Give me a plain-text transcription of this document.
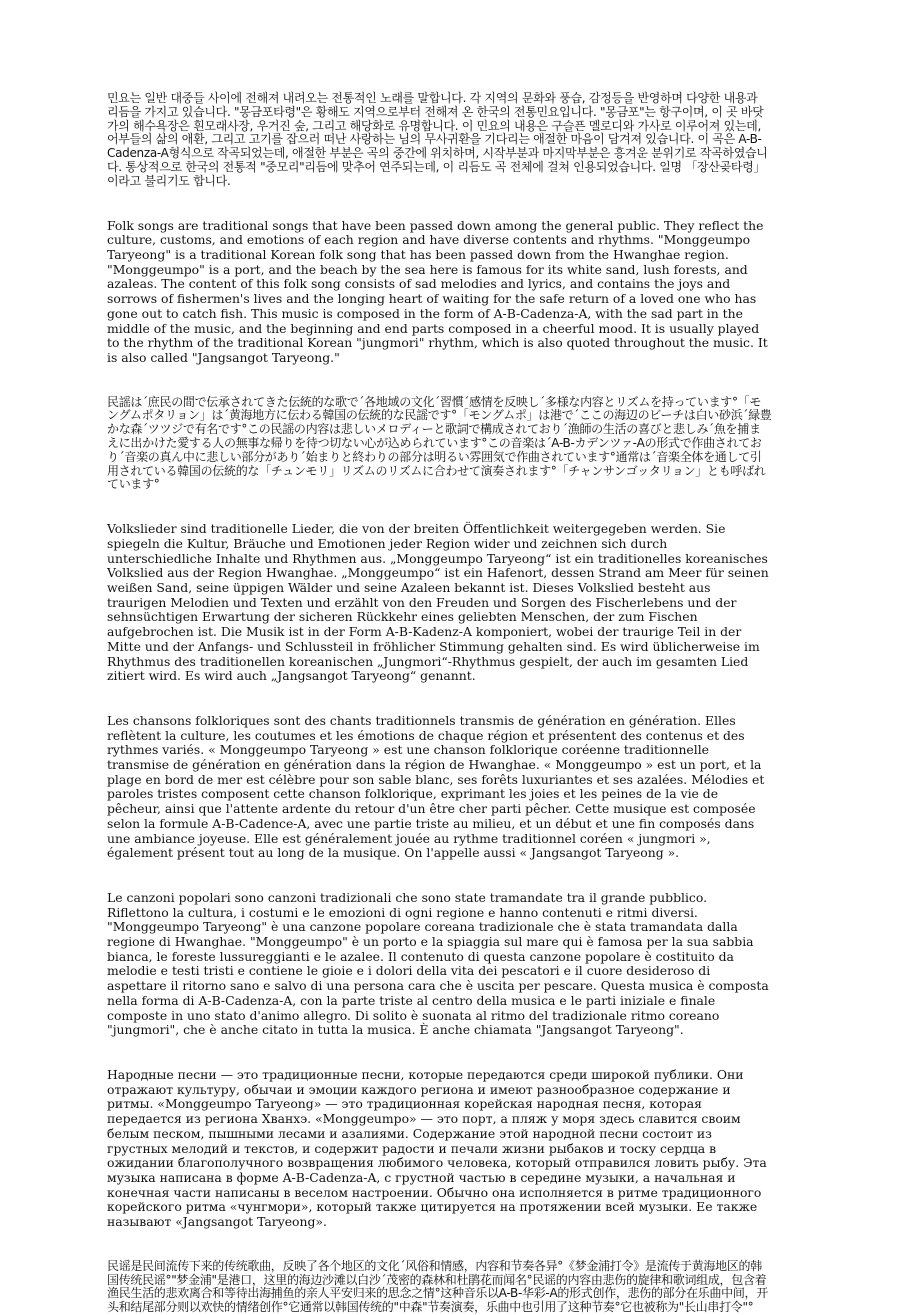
민요는 일반 대중들 사이에 전해져 내려오는 전통적인 노래를 말합니다. 각 지역의 문화와 풍습, 감정등을 반영하며 다양한 내용과 리듬을 가지고 있습니다. "몽금포타령"은 황해도 지역으로부터 전해져 온 한국의 전통민요입니다. "몽금포"는 항구이며, 이 곳 바닷가의 해수욕장은 흰모래사장, 우거진 숲, 그리고 해당화로 유명합니다. 이 민요의 내용은 구슬픈 멜로디와 가사로 이루어져 있는데, 어부들의 삶의 애환, 그리고 고기를 잡으러 떠난 사랑하는 님의 무사귀환을 기다리는 애절한 마음이 담겨져 있습니다. 이 곡은 A-B-Cadenza-A형식으로 작곡되었는데, 애절한 부분은 곡의 중간에 위치하며, 시작부분과 마지막부분은 흥겨운 분위기로 작곡하였습니다. 통상적으로 한국의 전통적 "중모리"리듬에 맞추어 연주되는데, 이 리듬도 곡 전체에 걸쳐 인용되었습니다. 일명 「장산곶타령」이라고 불리기도 합니다.

Folk songs are traditional songs that have been passed down among the general public. They reflect the culture, customs, and emotions of each region and have diverse contents and rhythms. "Monggeumpo Taryeong" is a traditional Korean folk song that has been passed down from the Hwanghae region. "Monggeumpo" is a port, and the beach by the sea here is famous for its white sand, lush forests, and azaleas. The content of this folk song consists of sad melodies and lyrics, and contains the joys and sorrows of fishermen's lives and the longing heart of waiting for the safe return of a loved one who has gone out to catch fish. This music is composed in the form of A-B-Cadenza-A, with the sad part in the middle of the music, and the beginning and end parts composed in a cheerful mood. It is usually played to the rhythm of the traditional Korean "jungmori" rhythm, which is also quoted throughout the music. It is also called "Jangsangot Taryeong."

民謡は´庶民の間で伝承されてきた伝統的な歌で´各地域の文化´習慣´感情を反映し´多様な内容とリズムを持っています°「モングムポタリョン」は´黄海地方に伝わる韓国の伝統的な民謡です°「モングムポ」は港で´ここの海辺のビーチは白い砂浜´緑豊かな森´ツツジで有名です°この民謡の内容は悲しいメロディーと歌詞で構成されており´漁師の生活の喜びと悲しみ´魚を捕まえに出かけた愛する人の無事な帰りを待つ切ない心が込められています°この音楽は´A-B-カデンツァ-Aの形式で作曲されており´音楽の真ん中に悲しい部分があり´始まりと終わりの部分は明るい雰囲気で作曲されています°通常は´音楽全体を通して引用されている韓国の伝統的な「チュンモリ」リズムのリズムに合わせて演奏されます°「チャンサンゴッタリョン」とも呼ばれています°

Volkslieder sind traditionelle Lieder, die von der breiten Öffentlichkeit weitergegeben werden. Sie spiegeln die Kultur, Bräuche und Emotionen jeder Region wider und zeichnen sich durch unterschiedliche Inhalte und Rhythmen aus. „Monggeumpo Taryeong“ ist ein traditionelles koreanisches Volkslied aus der Region Hwanghae. „Monggeumpo“ ist ein Hafenort, dessen Strand am Meer für seinen weißen Sand, seine üppigen Wälder und seine Azaleen bekannt ist. Dieses Volkslied besteht aus traurigen Melodien und Texten und erzählt von den Freuden und Sorgen des Fischerlebens und der sehnsüchtigen Erwartung der sicheren Rückkehr eines geliebten Menschen, der zum Fischen aufgebrochen ist. Die Musik ist in der Form A-B-Kadenz-A komponiert, wobei der traurige Teil in der Mitte und der Anfangs- und Schlussteil in fröhlicher Stimmung gehalten sind. Es wird üblicherweise im Rhythmus des traditionellen koreanischen „Jungmori“-Rhythmus gespielt, der auch im gesamten Lied zitiert wird. Es wird auch „Jangsangot Taryeong“ genannt.

Les chansons folkloriques sont des chants traditionnels transmis de génération en génération. Elles reflètent la culture, les coutumes et les émotions de chaque région et présentent des contenus et des rythmes variés. « Monggeumpo Taryeong » est une chanson folklorique coréenne traditionnelle transmise de génération en génération dans la région de Hwanghae. « Monggeumpo » est un port, et la plage en bord de mer est célèbre pour son sable blanc, ses forêts luxuriantes et ses azalées. Mélodies et paroles tristes composent cette chanson folklorique, exprimant les joies et les peines de la vie de pêcheur, ainsi que l'attente ardente du retour d'un être cher parti pêcher. Cette musique est composée selon la formule A-B-Cadence-A, avec une partie triste au milieu, et un début et une fin composés dans une ambiance joyeuse. Elle est généralement jouée au rythme traditionnel coréen « jungmori », également présent tout au long de la musique. On l'appelle aussi « Jangsangot Taryeong ».

Le canzoni popolari sono canzoni tradizionali che sono state tramandate tra il grande pubblico. Riflettono la cultura, i costumi e le emozioni di ogni regione e hanno contenuti e ritmi diversi. "Monggeumpo Taryeong" è una canzone popolare coreana tradizionale che è stata tramandata dalla regione di Hwanghae. "Monggeumpo" è un porto e la spiaggia sul mare qui è famosa per la sua sabbia bianca, le foreste lussureggianti e le azalee. Il contenuto di questa canzone popolare è costituito da melodie e testi tristi e contiene le gioie e i dolori della vita dei pescatori e il cuore desideroso di aspettare il ritorno sano e salvo di una persona cara che è uscita per pescare. Questa musica è composta nella forma di A-B-Cadenza-A, con la parte triste al centro della musica e le parti iniziale e finale composte in uno stato d'animo allegro. Di solito è suonata al ritmo del tradizionale ritmo coreano "jungmori", che è anche citato in tutta la musica. È anche chiamata "Jangsangot Taryeong".

Народные песни — это традиционные песни, которые передаются среди широкой публики. Они отражают культуру, обычаи и эмоции каждого региона и имеют разнообразное содержание и ритмы. «Monggeumpo Taryeong» — это традиционная корейская народная песня, которая передается из региона Хванхэ. «Monggeumpo» — это порт, а пляж у моря здесь славится своим белым песком, пышными лесами и азалиями. Содержание этой народной песни состоит из грустных мелодий и текстов, и содержит радости и печали жизни рыбаков и тоску сердца в ожидании благополучного возвращения любимого человека, который отправился ловить рыбу. Эта музыка написана в форме A-B-Cadenza-A, с грустной частью в середине музыки, а начальная и конечная части написаны в веселом настроении. Обычно она исполняется в ритме традиционного корейского ритма «чунгмори», который также цитируется на протяжении всей музыки. Ее также называют «Jangsangot Taryeong».

民谣是民间流传下来的传统歌曲，反映了各个地区的文化´风俗和情感，内容和节奏各异°《梦金浦打令》是流传于黄海地区的韩国传统民谣°"梦金浦"是港口，这里的海边沙滩以白沙´茂密的森林和杜鹃花而闻名°民谣的内容由悲伤的旋律和歌词组成，包含着渔民生活的悲欢离合和等待出海捕鱼的亲人平安归来的思念之情°这种音乐以A-B-华彩-A的形式创作，悲伤的部分在乐曲中间，开头和结尾部分则以欢快的情绪创作°它通常以韩国传统的"中森"节奏演奏，乐曲中也引用了这种节奏°它也被称为"长山串打令"°
